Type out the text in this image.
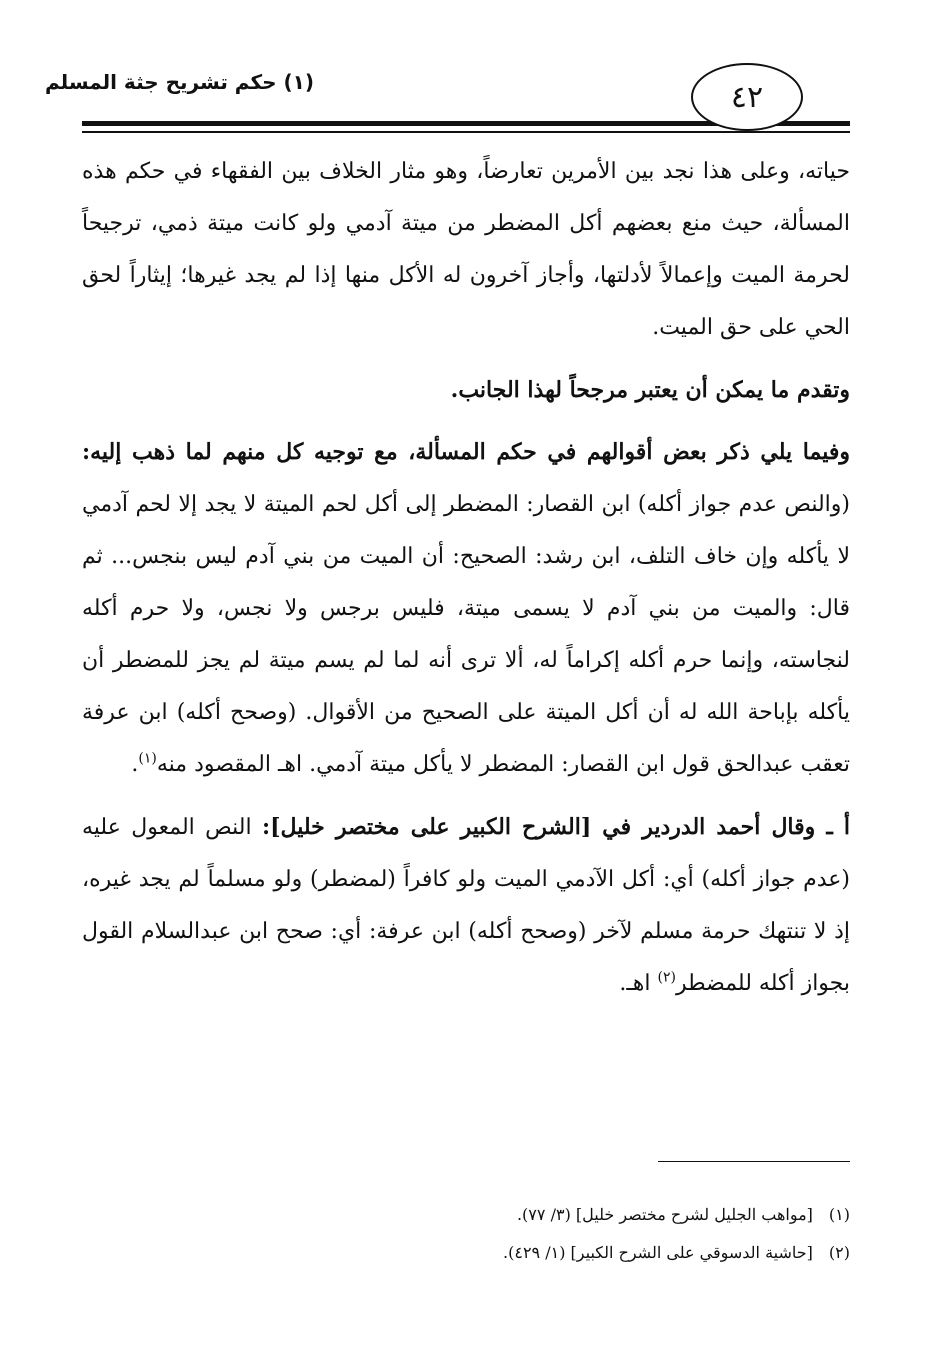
٤٢
(١) حكم تشريح جثة المسلم

حياته، وعلى هذا نجد بين الأمرين تعارضاً، وهو مثار الخلاف بين الفقهاء في حكم هذه المسألة، حيث منع بعضهم أكل المضطر من ميتة آدمي ولو كانت ميتة ذمي، ترجيحاً لحرمة الميت وإعمالاً لأدلتها، وأجاز آخرون له الأكل منها إذا لم يجد غيرها؛ إيثاراً لحق الحي على حق الميت.

وتقدم ما يمكن أن يعتبر مرجحاً لهذا الجانب.

وفيما يلي ذكر بعض أقوالهم في حكم المسألة، مع توجيه كل منهم لما ذهب إليه: (والنص عدم جواز أكله) ابن القصار: المضطر إلى أكل لحم الميتة لا يجد إلا لحم آدمي لا يأكله وإن خاف التلف، ابن رشد: الصحيح: أن الميت من بني آدم ليس بنجس... ثم قال: والميت من بني آدم لا يسمى ميتة، فليس برجس ولا نجس، ولا حرم أكله لنجاسته، وإنما حرم أكله إكراماً له، ألا ترى أنه لما لم يسم ميتة لم يجز للمضطر أن يأكله بإباحة الله له أن أكل الميتة على الصحيح من الأقوال. (وصحح أكله) ابن عرفة تعقب عبدالحق قول ابن القصار: المضطر لا يأكل ميتة آدمي. اهـ المقصود منه$^{(١)}$.

أ ـ وقال أحمد الدردير في [الشرح الكبير على مختصر خليل]: النص المعول عليه (عدم جواز أكله) أي: أكل الآدمي الميت ولو كافراً (لمضطر) ولو مسلماً لم يجد غيره، إذ لا تنتهك حرمة مسلم لآخر (وصحح أكله) ابن عرفة: أي: صحح ابن عبدالسلام القول بجواز أكله للمضطر$^{(٢)}$ اهـ.

(١)
[مواهب الجليل لشرح مختصر خليل] (٣/ ٧٧).
(٢)
[حاشية الدسوقي على الشرح الكبير] (١/ ٤٢٩).
